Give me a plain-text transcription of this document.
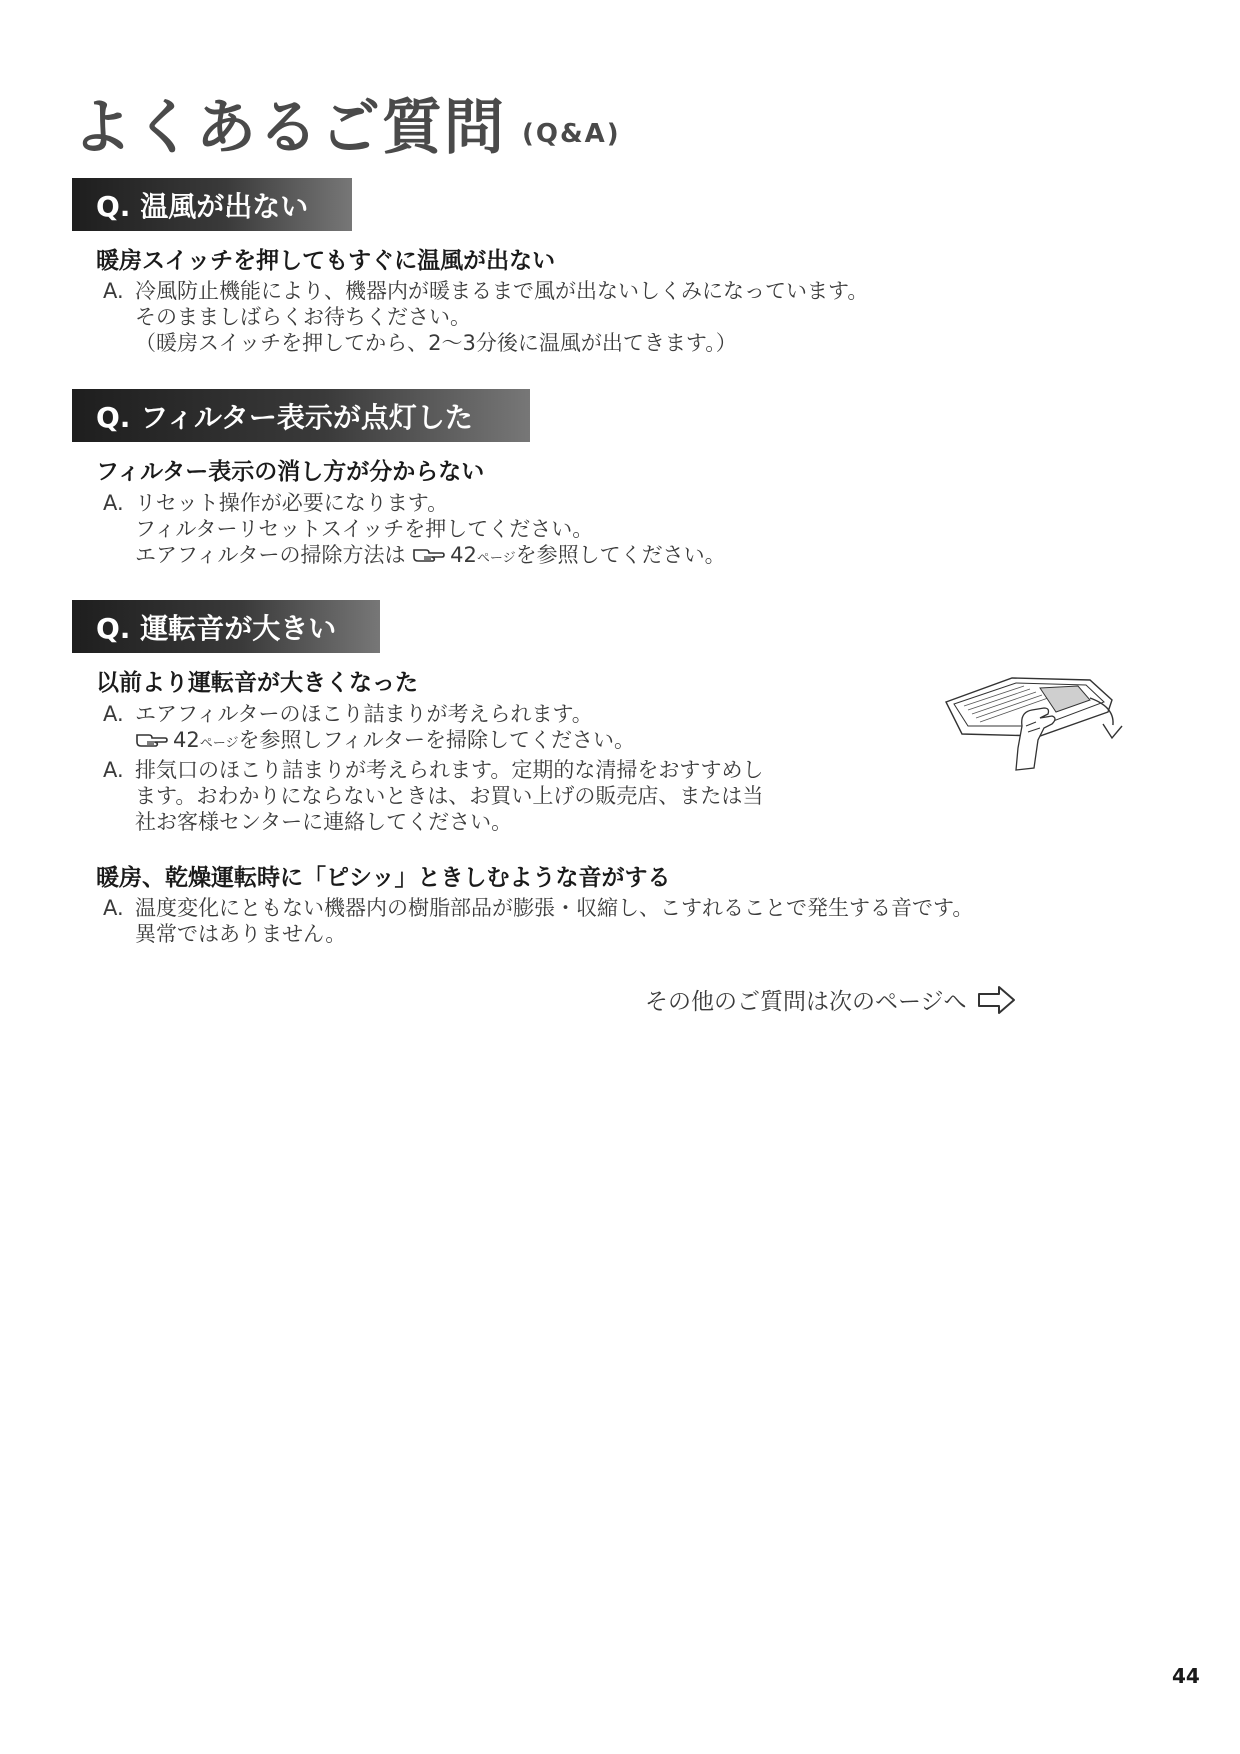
よくあるご質問 $^{(Q\&A)}$
Q. 温風が出ない
暖房スイッチを押してもすぐに温風が出ない
A. 冷風防止機能により、機器内が暖まるまで風が出ないしくみになっています。
そのまましばらくお待ちください。
（暖房スイッチを押してから、2～3分後に温風が出てきます。）
Q. フィルター表示が点灯した
フィルター表示の消し方が分からない
A. リセット操作が必要になります。
フィルターリセットスイッチを押してください。
エアフィルターの掃除方法は 42ページを参照してください。
Q. 運転音が大きい
以前より運転音が大きくなった
A. エアフィルターのほこり詰まりが考えられます。
42ページを参照しフィルターを掃除してください。
A. 排気口のほこり詰まりが考えられます。定期的な清掃をおすすめし
ます。おわかりにならないときは、お買い上げの販売店、または当
社お客様センターに連絡してください。
暖房、乾燥運転時に「ピシッ」ときしむような音がする
A. 温度変化にともない機器内の樹脂部品が膨張・収縮し、こすれることで発生する音です。
異常ではありません。
その他のご質問は次のページへ
44
